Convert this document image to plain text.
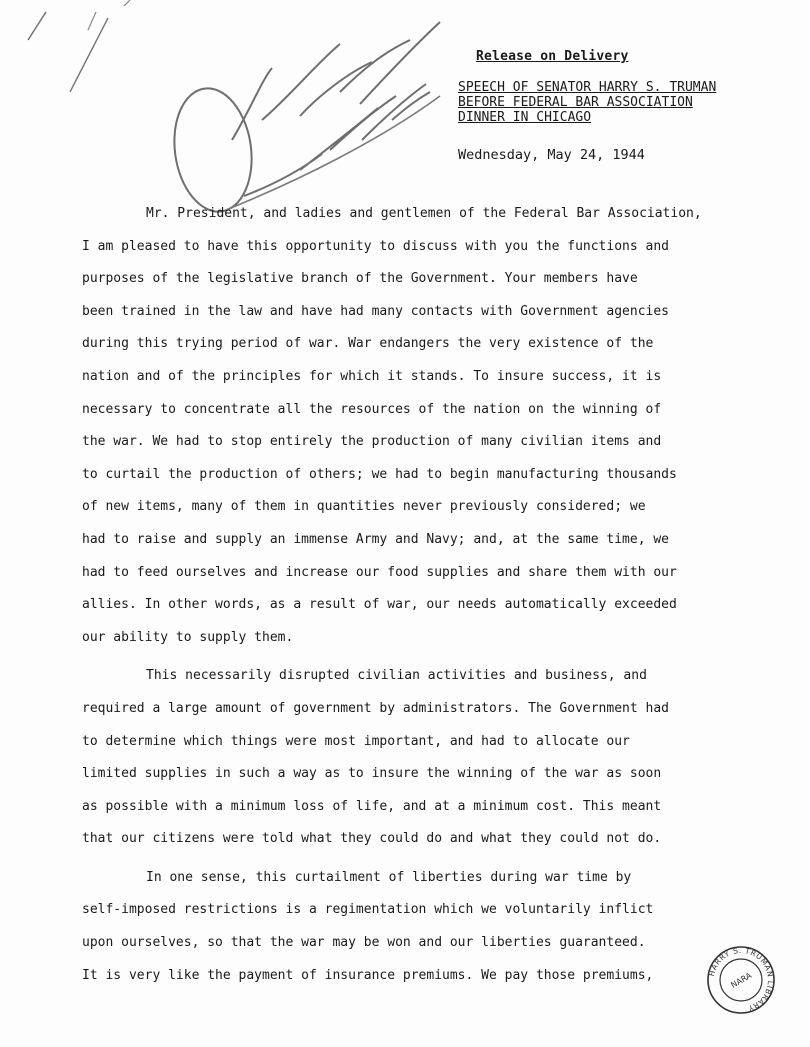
ORIGINAL DRAFT

Release on Delivery

SPEECH OF SENATOR HARRY S. TRUMAN
BEFORE FEDERAL BAR ASSOCIATION
DINNER IN CHICAGO

Wednesday, May 24, 1944

Mr. President, and ladies and gentlemen of the Federal Bar Association,
I am pleased to have this opportunity to discuss with you the functions and
purposes of the legislative branch of the Government. Your members have
been trained in the law and have had many contacts with Government agencies
during this trying period of war. War endangers the very existence of the
nation and of the principles for which it stands. To insure success, it is
necessary to concentrate all the resources of the nation on the winning of
the war. We had to stop entirely the production of many civilian items and
to curtail the production of others; we had to begin manufacturing thousands
of new items, many of them in quantities never previously considered; we
had to raise and supply an immense Army and Navy; and, at the same time, we
had to feed ourselves and increase our food supplies and share them with our
allies. In other words, as a result of war, our needs automatically exceeded
our ability to supply them.
This necessarily disrupted civilian activities and business, and
required a large amount of government by administrators. The Government had
to determine which things were most important, and had to allocate our
limited supplies in such a way as to insure the winning of the war as soon
as possible with a minimum loss of life, and at a minimum cost. This meant
that our citizens were told what they could do and what they could not do.
In one sense, this curtailment of liberties during war time by
self-imposed restrictions is a regimentation which we voluntarily inflict
upon ourselves, so that the war may be won and our liberties guaranteed.
It is very like the payment of insurance premiums. We pay those premiums,	HARRY S. TRUMAN LIBRARY
NARA
